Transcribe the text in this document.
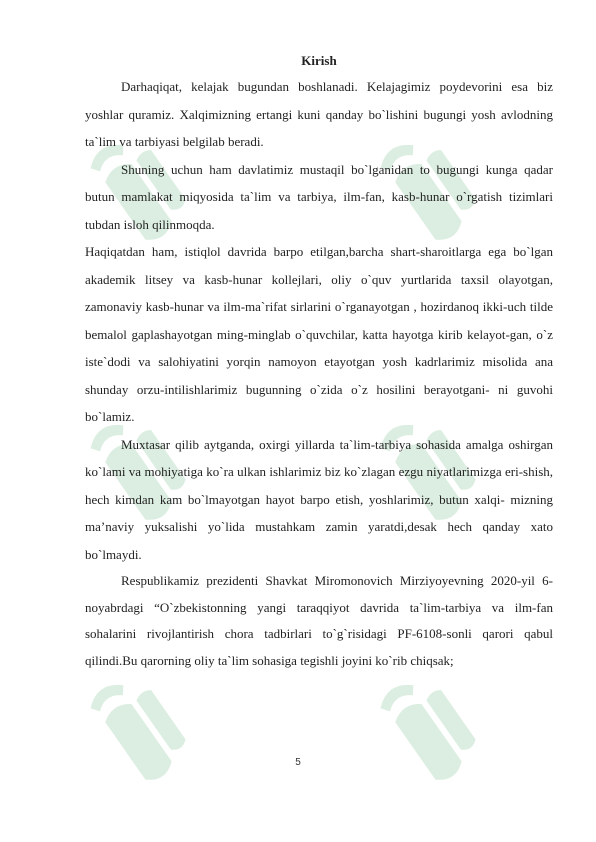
Kirish

Darhaqiqat, kelajak bugundan boshlanadi. Kelajagimiz poydevorini esa biz yoshlar quramiz. Xalqimizning ertangi kuni qanday bo`lishini bugungi yosh avlodning ta`lim va tarbiyasi belgilab beradi.

Shuning uchun ham davlatimiz mustaqil bo`lganidan to bugungi kunga qadar butun mamlakat miqyosida ta`lim va tarbiya, ilm-fan, kasb-hunar o`rgatish tizimlari tubdan isloh qilinmoqda.

Haqiqatdan ham, istiqlol davrida barpo etilgan,barcha shart-sharoitlarga ega bo`lgan akademik litsey va kasb-hunar kollejlari, oliy o`quv yurtlarida taxsil olayotgan, zamonaviy kasb-hunar va ilm-ma`rifat sirlarini o`rganayotgan , hozirdanoq ikki-uch tilde bemalol gaplashayotgan ming-minglab o`quvchilar, katta hayotga kirib kelayot-gan, o`z iste`dodi va salohiyatini yorqin namoyon etayotgan yosh kadrlarimiz misolida ana shunday orzu-intilishlarimiz bugunning o`zida o`z hosilini berayotgani- ni guvohi bo`lamiz.

Muxtasar qilib aytganda, oxirgi yillarda ta`lim-tarbiya sohasida amalga oshirgan ko`lami va mohiyatiga ko`ra ulkan ishlarimiz biz ko`zlagan ezgu niyatlarimizga eri-shish, hech kimdan kam bo`lmayotgan hayot barpo etish, yoshlarimiz, butun xalqi- mizning ma’naviy yuksalishi yo`lida mustahkam zamin yaratdi,desak hech qanday xato bo`lmaydi.

Respublikamiz prezidenti Shavkat Miromonovich Mirziyoyevning 2020-yil 6-noyabrdagi “O`zbekistonning yangi taraqqiyot davrida ta`lim-tarbiya va ilm-fan sohalarini rivojlantirish chora tadbirlari to`g`risidagi PF-6108-sonli qarori qabul qilindi.Bu qarorning oliy ta`lim sohasiga tegishli joyini ko`rib chiqsak;

5
